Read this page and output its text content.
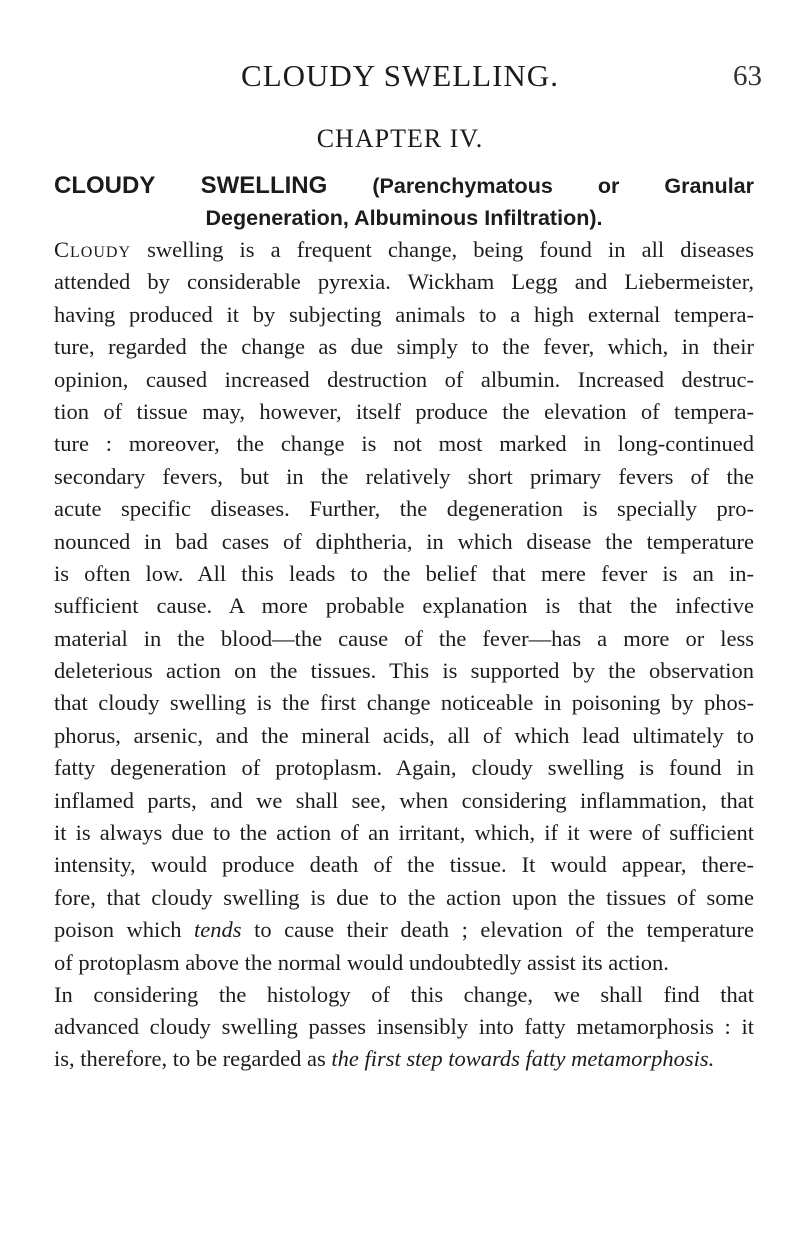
CLOUDY SWELLING.	63
CHAPTER IV.
CLOUDY SWELLING (Parenchymatous or Granular
Degeneration, Albuminous Infiltration).
Cloudy swelling is a frequent change, being found in all diseases
attended by considerable pyrexia. Wickham Legg and Liebermeister,
having produced it by subjecting animals to a high external tempera-
ture, regarded the change as due simply to the fever, which, in their
opinion, caused increased destruction of albumin. Increased destruc-
tion of tissue may, however, itself produce the elevation of tempera-
ture : moreover, the change is not most marked in long-continued
secondary fevers, but in the relatively short primary fevers of the
acute specific diseases. Further, the degeneration is specially pro-
nounced in bad cases of diphtheria, in which disease the temperature
is often low. All this leads to the belief that mere fever is an in-
sufficient cause. A more probable explanation is that the infective
material in the blood—the cause of the fever—has a more or less
deleterious action on the tissues. This is supported by the observation
that cloudy swelling is the first change noticeable in poisoning by phos-
phorus, arsenic, and the mineral acids, all of which lead ultimately to
fatty degeneration of protoplasm. Again, cloudy swelling is found in
inflamed parts, and we shall see, when considering inflammation, that
it is always due to the action of an irritant, which, if it were of sufficient
intensity, would produce death of the tissue. It would appear, there-
fore, that cloudy swelling is due to the action upon the tissues of some
poison which tends to cause their death ; elevation of the temperature
of protoplasm above the normal would undoubtedly assist its action.
In considering the histology of this change, we shall find that
advanced cloudy swelling passes insensibly into fatty metamorphosis : it
is, therefore, to be regarded as the first step towards fatty metamorphosis.
